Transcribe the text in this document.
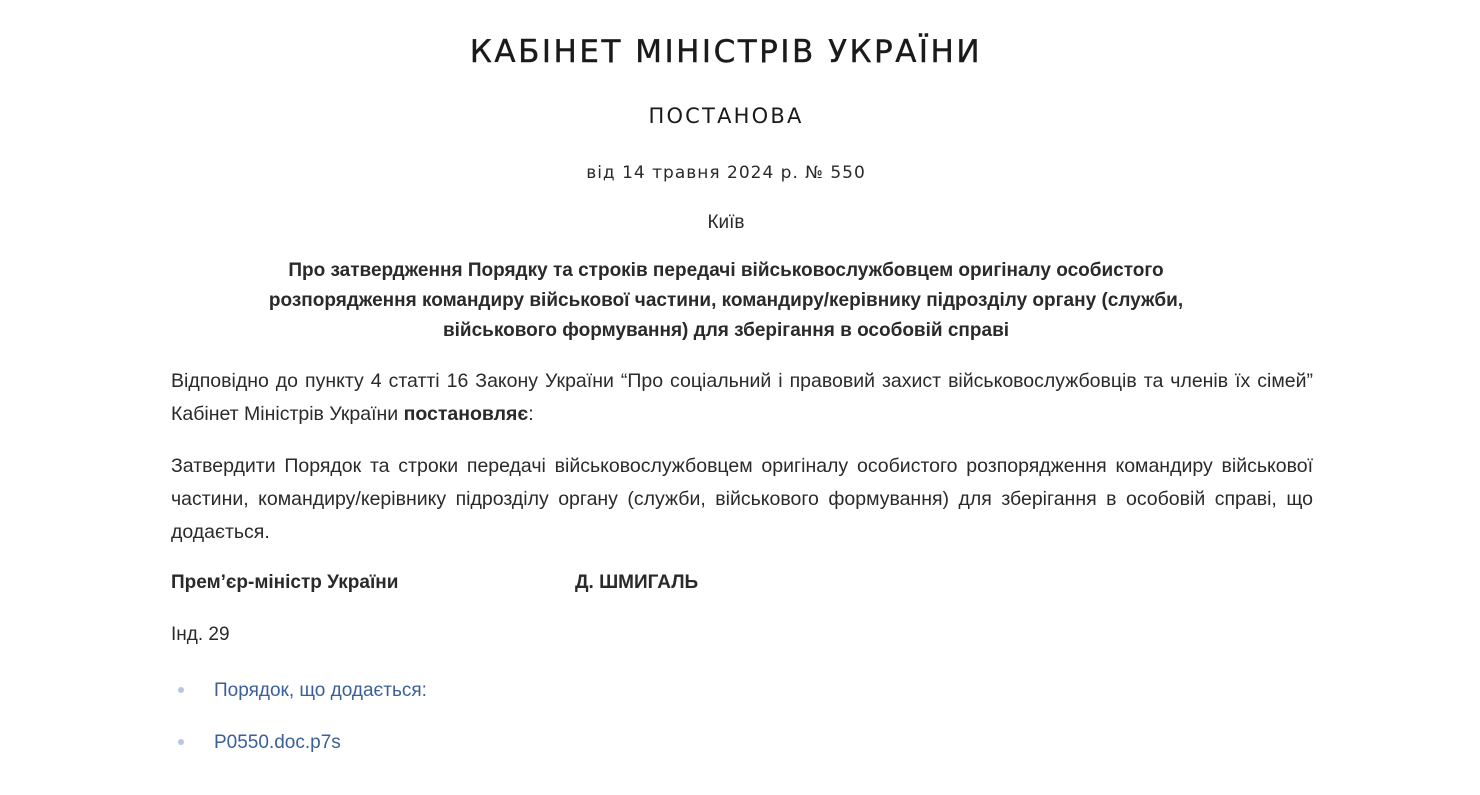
КАБІНЕТ МІНІСТРІВ УКРАЇНИ
ПОСТАНОВА
від 14 травня 2024 р. № 550
Київ
Про затвердження Порядку та строків передачі військовослужбовцем оригіналу особистого
розпорядження командиру військової частини, командиру/керівнику підрозділу органу (служби,
військового формування) для зберігання в особовій справі

Відповідно до пункту 4 статті 16 Закону України “Про соціальний і правовий захист військовослужбовців та членів їх сімей” Кабінет Міністрів України постановляє:

Затвердити Порядок та строки передачі військовослужбовцем оригіналу особистого розпорядження командиру військової частини, командиру/керівнику підрозділу органу (служби, військового формування) для зберігання в особовій справі, що додається.

Прем’єр-міністр України	Д. ШМИГАЛЬ
Інд. 29
Порядок, що додається:
P0550.doc.p7s
